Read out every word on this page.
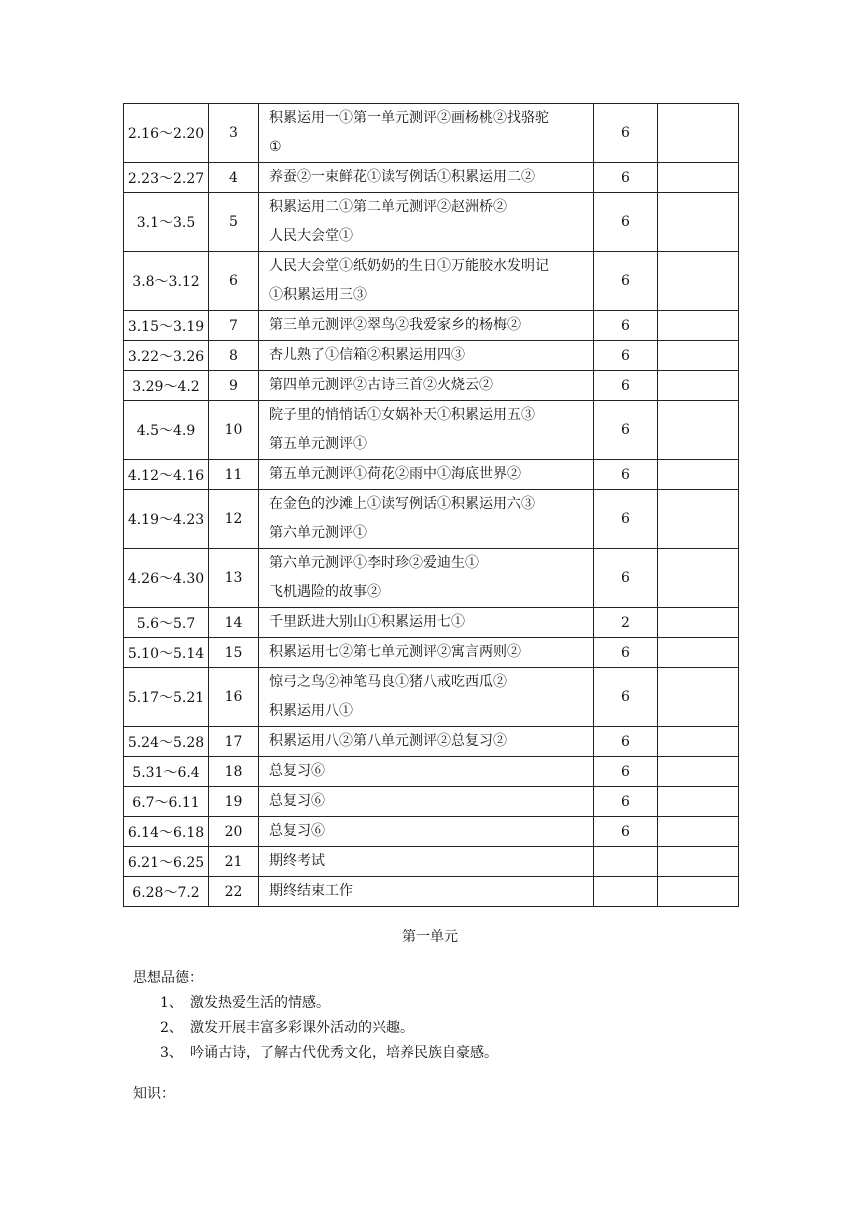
2.16～2.20	3	积累运用一①第一单元测评②画杨桃②找骆驼
①	6	
2.23～2.27	4	养蚕②一束鲜花①读写例话①积累运用二②	6	
3.1～3.5	5	积累运用二①第二单元测评②赵洲桥②
人民大会堂①	6	
3.8～3.12	6	人民大会堂①纸奶奶的生日①万能胶水发明记
①积累运用三③	6	
3.15～3.19	7	第三单元测评②翠鸟②我爱家乡的杨梅②	6	
3.22～3.26	8	杏儿熟了①信箱②积累运用四③	6	
3.29～4.2	9	第四单元测评②古诗三首②火烧云②	6	
4.5～4.9	10	院子里的悄悄话①女娲补天①积累运用五③
第五单元测评①	6	
4.12～4.16	11	第五单元测评①荷花②雨中①海底世界②	6	
4.19～4.23	12	在金色的沙滩上①读写例话①积累运用六③
第六单元测评①	6	
4.26～4.30	13	第六单元测评①李时珍②爱迪生①
飞机遇险的故事②	6	
5.6～5.7	14	千里跃进大别山①积累运用七①	2	
5.10～5.14	15	积累运用七②第七单元测评②寓言两则②	6	
5.17～5.21	16	惊弓之鸟②神笔马良①猪八戒吃西瓜②
积累运用八①	6	
5.24～5.28	17	积累运用八②第八单元测评②总复习②	6	
5.31～6.4	18	总复习⑥	6	
6.7～6.11	19	总复习⑥	6	
6.14～6.18	20	总复习⑥	6	
6.21～6.25	21	期终考试		

6.28～7.2	22	期终结束工作		

第一单元
思想品德：
1、 激发热爱生活的情感。
2、 激发开展丰富多彩课外活动的兴趣。
3、 吟诵古诗，了解古代优秀文化，培养民族自豪感。
知识：
